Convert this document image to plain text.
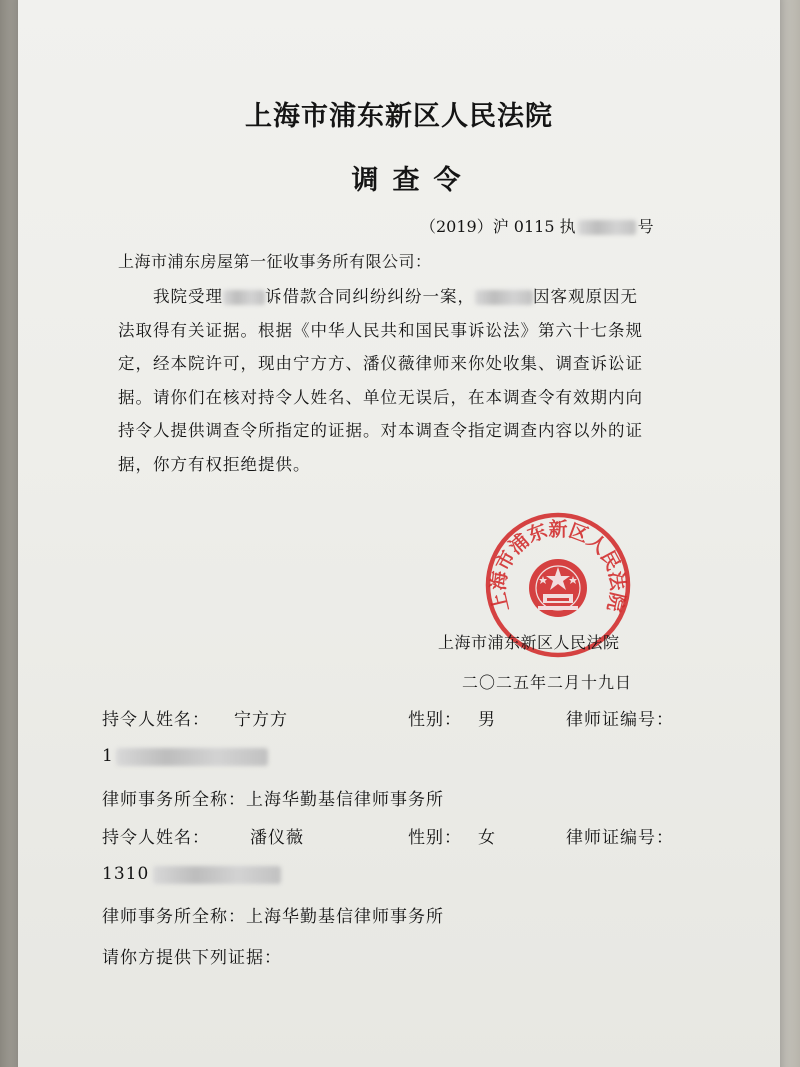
上海市浦东新区人民法院
调查令
（2019）沪 0115 执	号
上海市浦东房屋第一征收事务所有限公司：
我院受理	诉借款合同纠纷纠纷一案，	因客观原因无
法取得有关证据。根据《中华人民共和国民事诉讼法》第六十七条规
定，经本院许可，现由宁方方、潘仪薇律师来你处收集、调查诉讼证
据。请你们在核对持令人姓名、单位无误后，在本调查令有效期内向
持令人提供调查令所指定的证据。对本调查令指定调查内容以外的证
据，你方有权拒绝提供。
上海市浦东新区人民法院
上海市浦东新区人民法院
二〇二五年二月十九日
持令人姓名： 宁方方	性别： 男	律师证编号：
1
律师事务所全称：上海华勤基信律师事务所
持令人姓名： 潘仪薇	性别： 女	律师证编号：
1310
律师事务所全称：上海华勤基信律师事务所
请你方提供下列证据：
